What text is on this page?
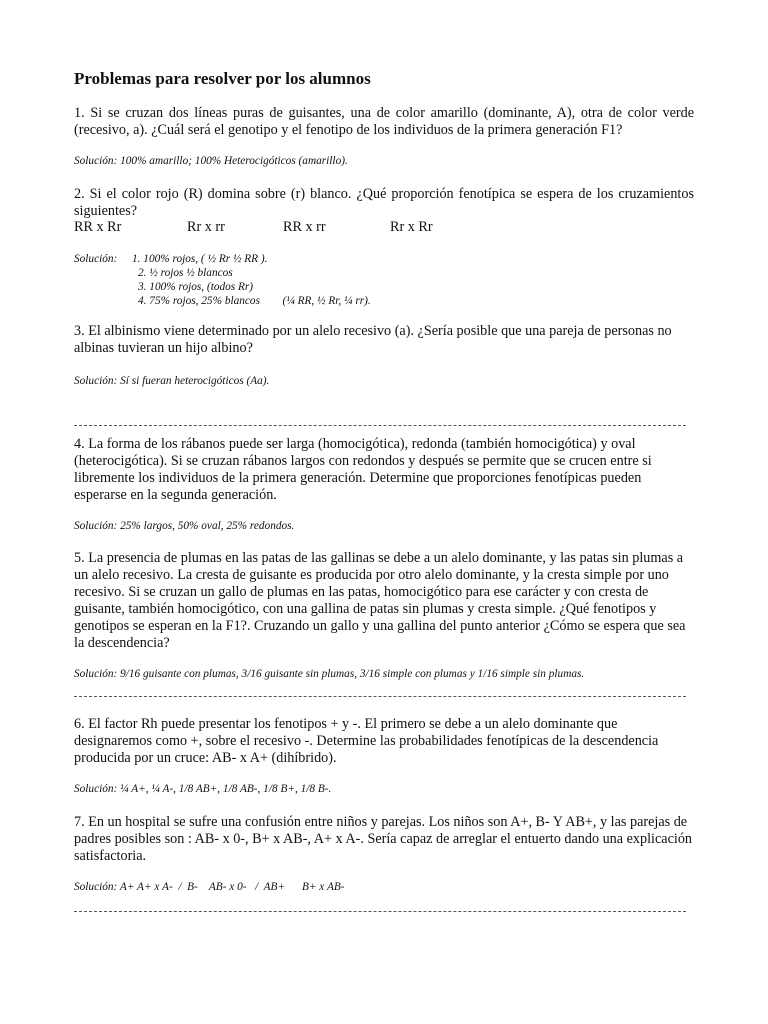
Problemas para resolver por los alumnos

1. Si se cruzan dos líneas puras de guisantes, una de color amarillo (dominante, A), otra de color verde (recesivo, a). ¿Cuál será el genotipo y el fenotipo de los individuos de la primera generación F1?

Solución: 100% amarillo; 100% Heterocigóticos (amarillo).

2. Si el color rojo (R) domina sobre (r) blanco. ¿Qué proporción fenotípica se espera de los cruzamientos siguientes?

RR x Rr	Rr x rr	RR x rr	Rr x Rr
Solución: 1. 100% rojos, ( ½ Rr ½ RR ).
2. ½ rojos ½ blancos
3. 100% rojos, (todos Rr)
4. 75% rojos, 25% blancos        (¼ RR, ½ Rr, ¼ rr).

3. El albinismo viene determinado por un alelo recesivo (a). ¿Sería posible que una pareja de personas no albinas tuvieran un hijo albino?

Solución: Sí si fueran heterocigóticos (Aa).

4. La forma de los rábanos puede ser larga (homocigótica), redonda (también homocigótica) y oval (heterocigótica). Si se cruzan rábanos largos con redondos y después se permite que se crucen entre si libremente los individuos de la primera generación. Determine que proporciones fenotípicas pueden esperarse en la segunda generación.

Solución: 25% largos, 50% oval, 25% redondos.

5. La presencia de plumas en las patas de las gallinas se debe a un alelo dominante, y las patas sin plumas a un alelo recesivo. La cresta de guisante es producida por otro alelo dominante, y la cresta simple por uno recesivo. Si se cruzan un gallo de plumas en las patas, homocigótico para ese carácter y con cresta de guisante, también homocigótico, con una gallina de patas sin plumas y cresta simple. ¿Qué fenotipos y genotipos se esperan en la F1?. Cruzando un gallo y una gallina del punto anterior ¿Cómo se espera que sea la descendencia?

Solución: 9/16 guisante con plumas, 3/16 guisante sin plumas, 3/16 simple con plumas y 1/16 simple sin plumas.

6. El factor Rh puede presentar los fenotipos + y -. El primero se debe a un alelo dominante que designaremos como +, sobre el recesivo -. Determine las probabilidades fenotípicas de la descendencia producida por un cruce: AB- x A+ (dihíbrido).

Solución: ¼ A+, ¼ A-, 1/8 AB+, 1/8 AB-, 1/8 B+, 1/8 B-.

7. En un hospital se sufre una confusión entre niños y parejas. Los niños son A+, B- Y AB+, y las parejas de padres posibles son : AB- x 0-, B+ x AB-, A+ x A-. Sería capaz de arreglar el entuerto dando una explicación satisfactoria.

Solución: A+ A+ x A-  /  B-    AB- x 0-   /  AB+      B+ x AB-
